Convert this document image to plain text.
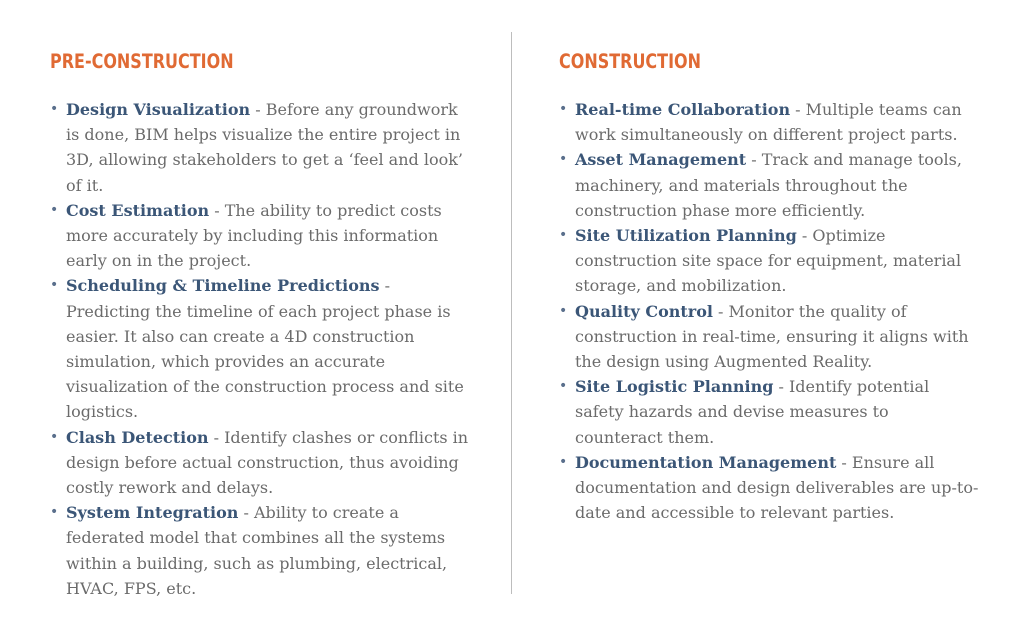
PRE-CONSTRUCTION
• Design Visualization - Before any groundwork is done, BIM helps visualize the entire project in 3D, allowing stakeholders to get a ‘feel and look’ of it.
• Cost Estimation - The ability to predict costs more accurately by including this information early on in the project.
• Scheduling & Timeline Predictions - Predicting the timeline of each project phase is easier. It also can create a 4D construction simulation, which provides an accurate visualization of the construction process and site logistics.
• Clash Detection - Identify clashes or conflicts in design before actual construction, thus avoiding costly rework and delays.
• System Integration - Ability to create a federated model that combines all the systems within a building, such as plumbing, electrical, HVAC, FPS, etc.
CONSTRUCTION
• Real-time Collaboration - Multiple teams can work simultaneously on different project parts.
• Asset Management - Track and manage tools, machinery, and materials throughout the construction phase more efficiently.
• Site Utilization Planning - Optimize construction site space for equipment, material storage, and mobilization.
• Quality Control - Monitor the quality of construction in real-time, ensuring it aligns with the design using Augmented Reality.
• Site Logistic Planning - Identify potential safety hazards and devise measures to counteract them.
• Documentation Management - Ensure all documentation and design deliverables are up-to-date and accessible to relevant parties.
